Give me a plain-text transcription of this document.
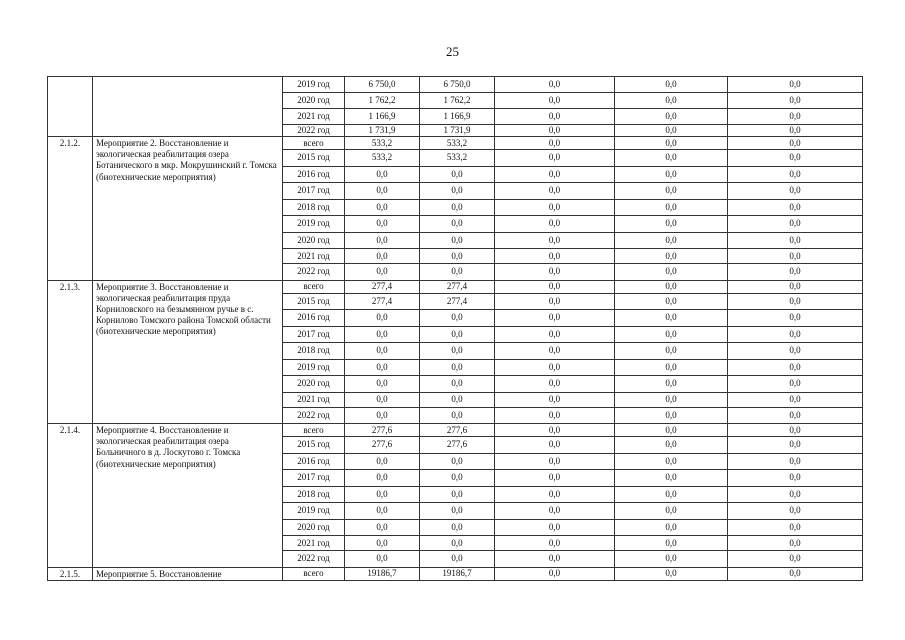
25
		2019 год	6 750,0	6 750,0	0,0	0,0	0,0
		2020 год	1 762,2	1 762,2	0,0	0,0	0,0
		2021 год	1 166,9	1 166,9	0,0	0,0	0,0
		2022 год	1 731,9	1 731,9	0,0	0,0	0,0
2.1.2.	Мероприятие 2. Восстановление и экологическая реабилитация озера Ботанического в мкр. Мокрушинский г. Томска (биотехнические мероприятия)	всего	533,2	533,2	0,0	0,0	0,0
		2015 год	533,2	533,2	0,0	0,0	0,0
		2016 год	0,0	0,0	0,0	0,0	0,0
		2017 год	0,0	0,0	0,0	0,0	0,0
		2018 год	0,0	0,0	0,0	0,0	0,0
		2019 год	0,0	0,0	0,0	0,0	0,0
		2020 год	0,0	0,0	0,0	0,0	0,0
		2021 год	0,0	0,0	0,0	0,0	0,0
		2022 год	0,0	0,0	0,0	0,0	0,0
2.1.3.	Мероприятие 3. Восстановление и экологическая реабилитация пруда Корниловского на безымянном ручье в с. Корнилово Томского района Томской области (биотехнические мероприятия)	всего	277,4	277,4	0,0	0,0	0,0
		2015 год	277,4	277,4	0,0	0,0	0,0
		2016 год	0,0	0,0	0,0	0,0	0,0
		2017 год	0,0	0,0	0,0	0,0	0,0
		2018 год	0,0	0,0	0,0	0,0	0,0
		2019 год	0,0	0,0	0,0	0,0	0,0
		2020 год	0,0	0,0	0,0	0,0	0,0
		2021 год	0,0	0,0	0,0	0,0	0,0
		2022 год	0,0	0,0	0,0	0,0	0,0
2.1.4.	Мероприятие 4. Восстановление и экологическая реабилитация озера Больничного в д. Лоскутово г. Томска (биотехнические мероприятия)	всего	277,6	277,6	0,0	0,0	0,0
		2015 год	277,6	277,6	0,0	0,0	0,0
		2016 год	0,0	0,0	0,0	0,0	0,0
		2017 год	0,0	0,0	0,0	0,0	0,0
		2018 год	0,0	0,0	0,0	0,0	0,0
		2019 год	0,0	0,0	0,0	0,0	0,0
		2020 год	0,0	0,0	0,0	0,0	0,0
		2021 год	0,0	0,0	0,0	0,0	0,0
		2022 год	0,0	0,0	0,0	0,0	0,0
2.1.5.	Мероприятие 5. Восстановление	всего	19186,7	19186,7	0,0	0,0	0,0
